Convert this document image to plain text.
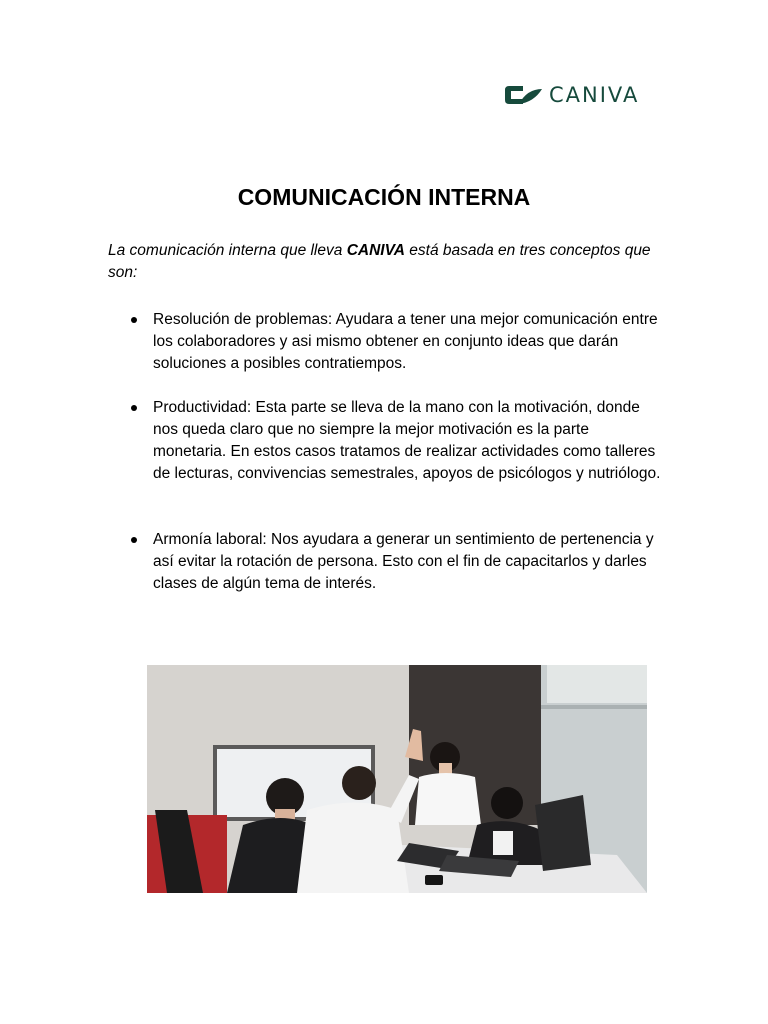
CANIVA
COMUNICACIÓN INTERNA

La comunicación interna que lleva CANIVA está basada en tres conceptos que son:

Resolución de problemas: Ayudara a tener una mejor comunicación entre los colaboradores y asi mismo obtener en conjunto ideas que darán soluciones a posibles contratiempos.
Productividad: Esta parte se lleva de la mano con la motivación, donde nos queda claro que no siempre la mejor motivación es la parte monetaria. En estos casos tratamos de realizar actividades como talleres de lecturas, convivencias semestrales, apoyos de psicólogos y nutriólogo.
Armonía laboral: Nos ayudara a generar un sentimiento de pertenencia y así evitar la rotación de persona. Esto con el fin de capacitarlos y darles clases de algún tema de interés.
